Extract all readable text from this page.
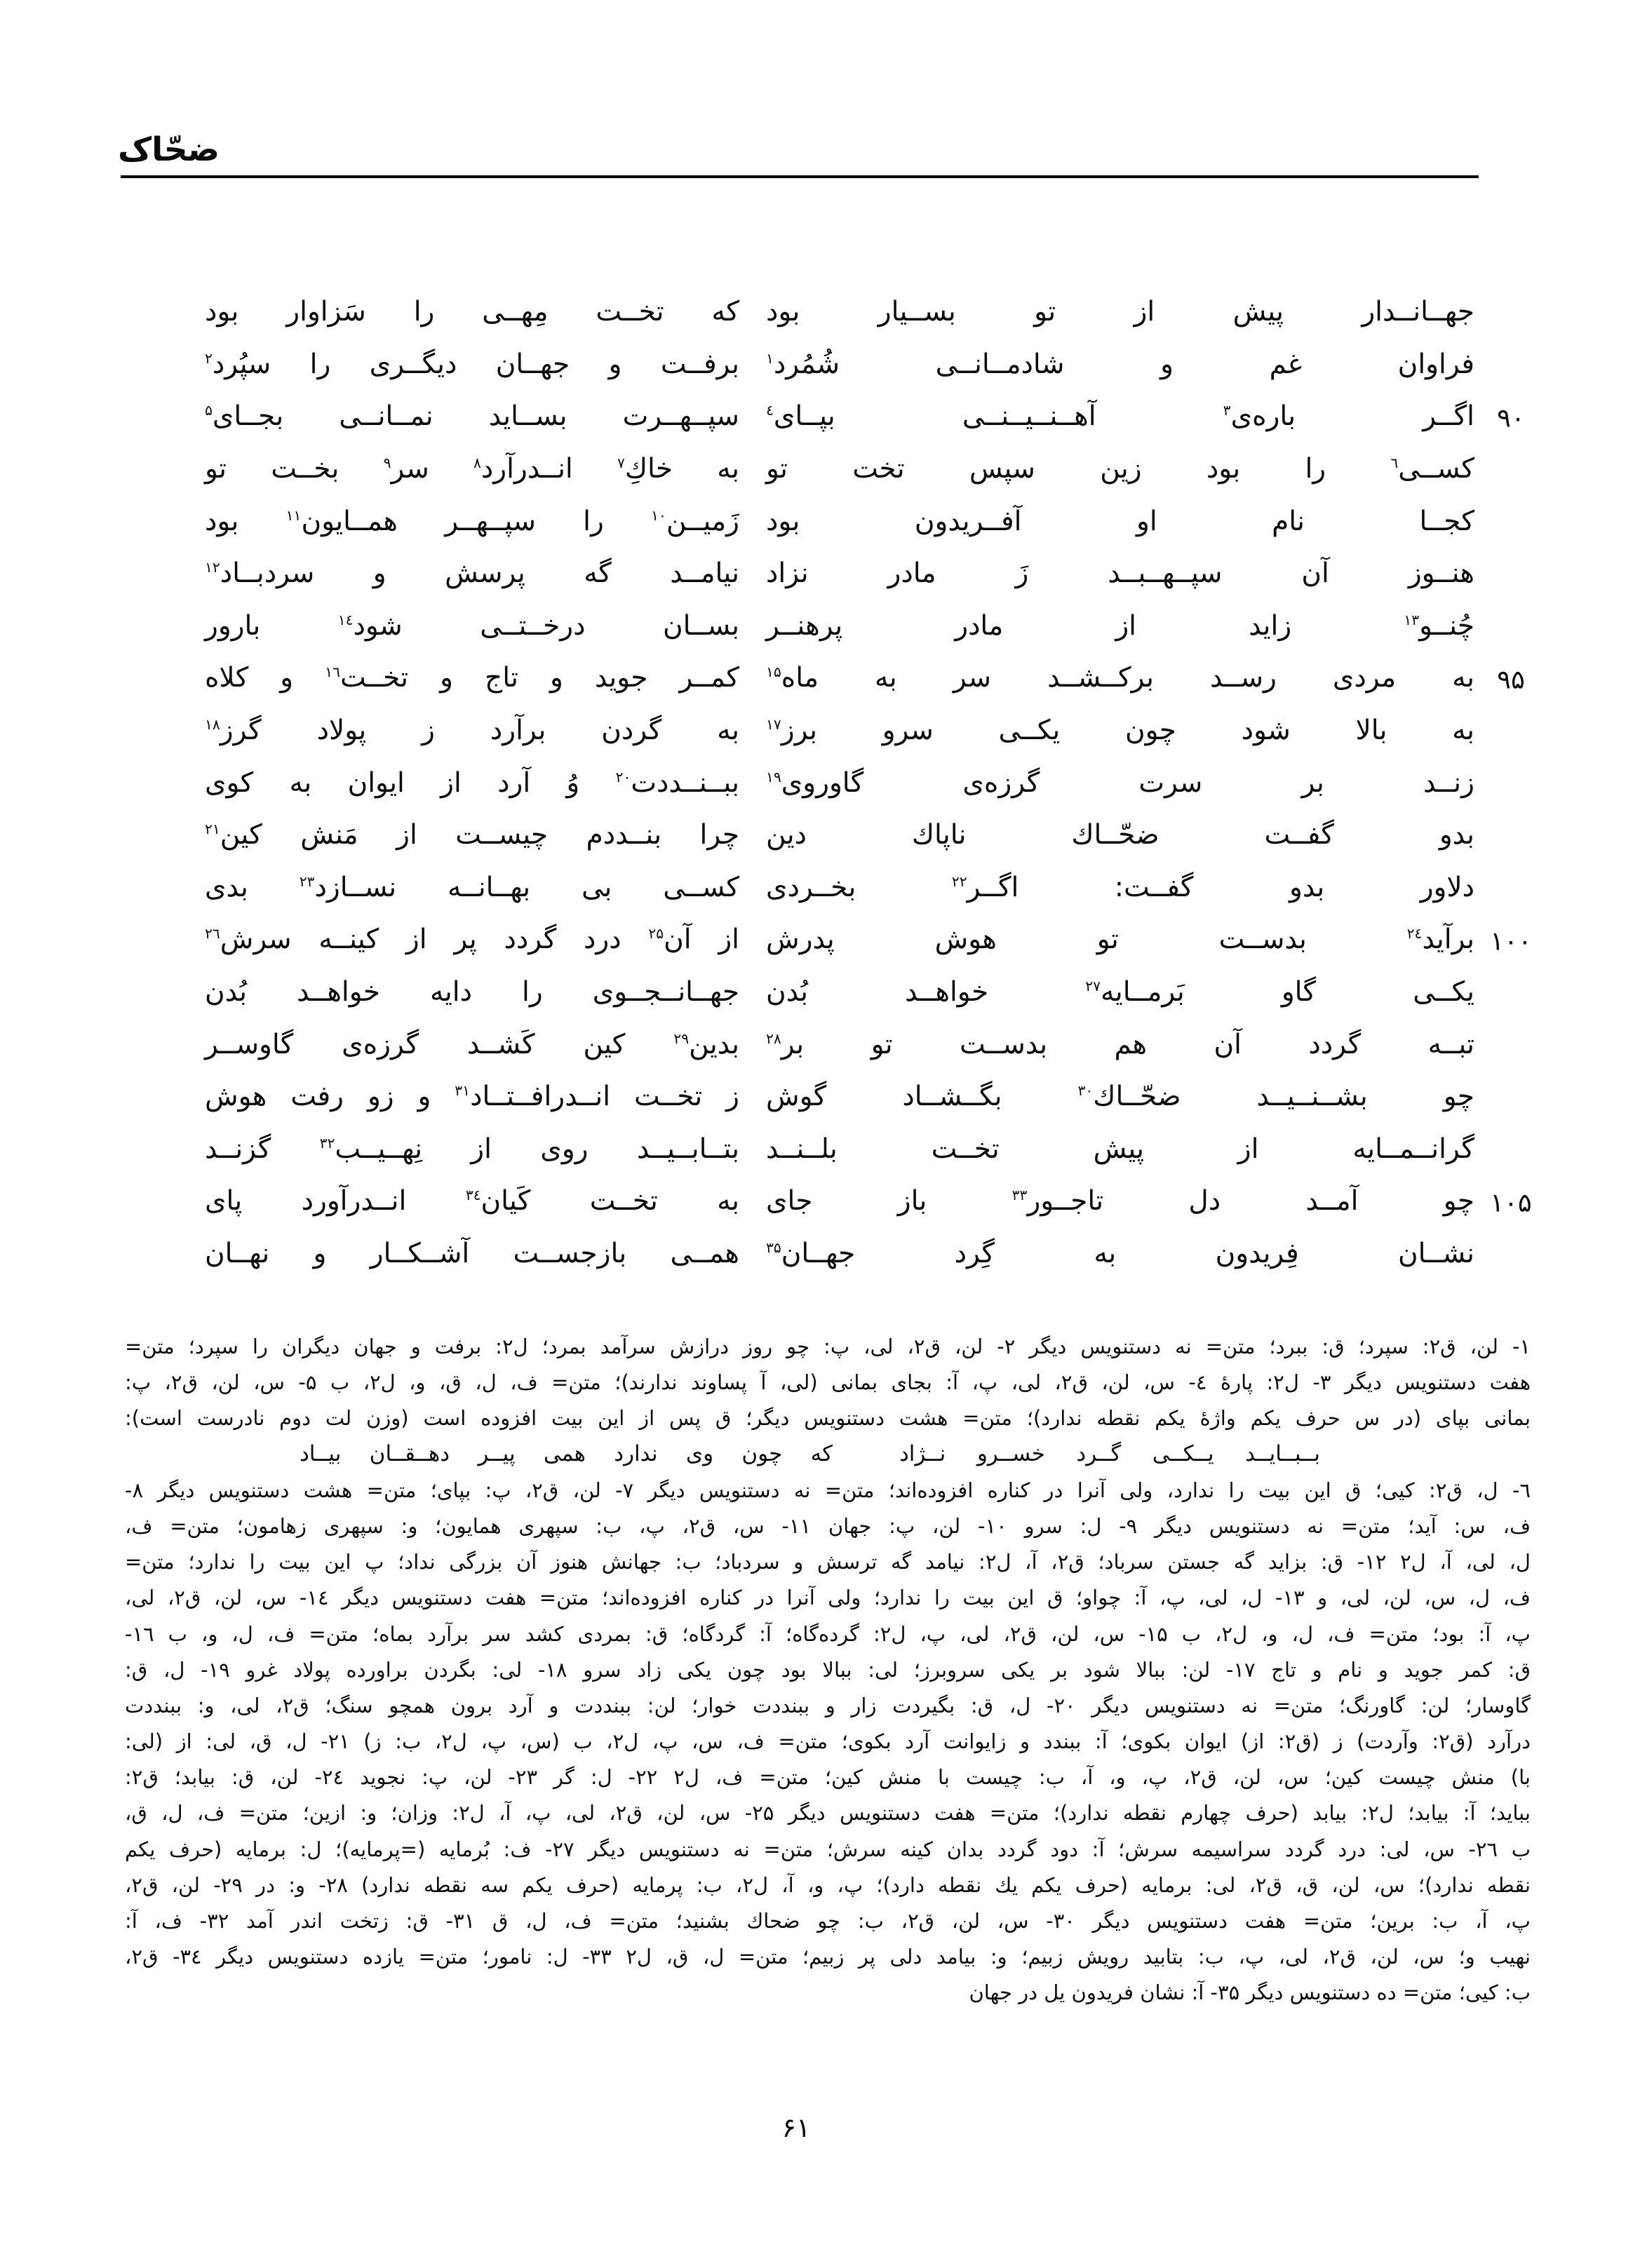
ضحّاک
جهــانــدار پیش از تو بســیار بود
که تخــت مِهــی را سَزاوار بود
فراوان غم و شادمــانــی شُمُرد$^۱$
برفــت و جهــان دیگــری را سپُرد$^۲$
۹۰
اگــر باره‌ی$^۳$ آهــنــیــنــی بپــای$^٤$
سپــهــرت بســاید نمــانــی بجــای$^۵$
کســی$^٦$ را بود زین سپس تخت تو
به خاكِ$^۷$ انــدرآرد$^۸$ سر$^۹$ بخــت تو
کجــا نام او آفــریدون بود
زَمیــن$^{۱۰}$ را سپــهــر همــایون$^{۱۱}$ بود
هنــوز آن سپــهــبــد زَ مادر نزاد
نیامــد گه پرسش و سردبــاد$^{۱۲}$
چُنــو$^{۱۳}$ زاید از مادر پرهنــر
بســان درخــتــی شود$^{۱٤}$ بارور
۹۵
به مردی رســد برکــشــد سر به ماه$^{۱۵}$
کمــر جوید و تاج و تخــت$^{۱٦}$ و کلاه
به بالا شود چون یکــی سرو برز$^{۱۷}$
به گردن برآرد ز پولاد گرز$^{۱۸}$
زنــد بر سرت گرزه‌ی گاوروی$^{۱۹}$
ببــنــددت$^{۲۰}$ وُ آرد از ایوان به کوی
بدو گفــت ضحّــاك ناپاك دین
چرا بنــددم چیســت از مَنش کین$^{۲۱}$
دلاور بدو گفــت: اگــر$^{۲۲}$ بخــردی
کســی بی بهــانــه نســازد$^{۲۳}$ بدی
۱۰۰
برآید$^{۲٤}$ بدســت تو هوش پدرش
از آن$^{۲۵}$ درد گردد پر از کینــه سرش$^{۲٦}$
یکــی گاو بَرمــایه$^{۲۷}$ خواهــد بُدن
جهــانــجــوی را دایه خواهــد بُدن
تبــه گردد آن هم بدســت تو بر$^{۲۸}$
بدین$^{۲۹}$ کین کَشــد گرزه‌ی گاوســر
چو بشــنــیــد ضحّــاك$^{۳۰}$ بگــشــاد گوش
ز تخــت انــدرافــتــاد$^{۳۱}$ و زو رفت هوش
گرانــمــایه از پیش تخــت بلــنــد
بتــابــیــد روی از نِهــیــب$^{۳۲}$ گزنــد
۱۰۵
چو آمــد دل تاجــور$^{۳۳}$ باز جای
به تخــت کَیان$^{۳٤}$ انــدرآورد پای
نشــان فِریدون به گِرد جهــان$^{۳۵}$
همــی بازجســت آشــکــار و نهــان
۱- لن، ق۲: سپرد؛ ق: ببرد؛ متن= نه دستنویس دیگر ۲- لن، ق۲، لی، پ: چو روز درازش سرآمد بمرد؛ ل۲: برفت و جهان دیگران را سپرد؛ متن=
هفت دستنویس دیگر ۳- ل۲: پارهٔ ٤- س، لن، ق۲، لی، پ، آ: بجای بمانی (لی، آ پساوند ندارند)؛ متن= ف، ل، ق، و، ل۲، ب ۵- س، لن، ق۲، پ:
بمانی بپای (در س حرف یکم واژهٔ یکم نقطه ندارد)؛ متن= هشت دستنویس دیگر؛ ق پس از این بیت افزوده است (وزن لت دوم نادرست است):
بــبــایــد یــکــی گــرد خســرو نــژاد
که چون وی ندارد همی پیــر دهــقــان بیــاد
٦- ل، ق۲: کیی؛ ق این بیت را ندارد، ولی آنرا در کناره افزوده‌اند؛ متن= نه دستنویس دیگر ۷- لن، ق۲، پ: بپای؛ متن= هشت دستنویس دیگر ۸-
ف، س: آید؛ متن= نه دستنویس دیگر ۹- ل: سرو ۱۰- لن، پ: جهان ۱۱- س، ق۲، پ، ب: سپهری همایون؛ و: سپهری زهامون؛ متن= ف،
ل، لی، آ، ل۲ ۱۲- ق: بزاید گه جستن سرباد؛ ق۲، آ، ل۲: نیامد گه ترسش و سردباد؛ ب: جهانش هنوز آن بزرگی نداد؛ پ این بیت را ندارد؛ متن=
ف، ل، س، لن، لی، و ۱۳- ل، لی، پ، آ: چواو؛ ق این بیت را ندارد؛ ولی آنرا در کناره افزوده‌اند؛ متن= هفت دستنویس دیگر ۱٤- س، لن، ق۲، لی،
پ، آ: بود؛ متن= ف، ل، و، ل۲، ب ۱۵- س، لن، ق۲، لی، پ، ل۲: گرده‌گاه؛ آ: گردگاه؛ ق: بمردی کشد سر برآرد بماه؛ متن= ف، ل، و، ب ۱٦-
ق: کمر جوید و نام و تاج ۱۷- لن: ببالا شود بر یکی سروبرز؛ لی: ببالا بود چون یکی زاد سرو ۱۸- لی: بگردن براورده پولاد غرو ۱۹- ل، ق:
گاوسار؛ لن: گاورنگ؛ متن= نه دستنویس دیگر ۲۰- ل، ق: بگیردت زار و ببنددت خوار؛ لن: ببنددت و آرد برون همچو سنگ؛ ق۲، لی، و: ببنددت
درآرد (ق۲: وآردت) ز (ق۲: از) ایوان بکوی؛ آ: ببندد و زایوانت آرد بکوی؛ متن= ف، س، پ، ل۲، ب (س، پ، ل۲، ب: ز) ۲۱- ل، ق، لی: از (لی:
با) منش چیست کین؛ س، لن، ق۲، پ، و، آ، ب: چیست با منش کین؛ متن= ف، ل۲ ۲۲- ل: گر ۲۳- لن، پ: نجوید ۲٤- لن، ق: بیابد؛ ق۲:
بباید؛ آ: بیابد؛ ل۲: بیابد (حرف چهارم نقطه ندارد)؛ متن= هفت دستنویس دیگر ۲۵- س، لن، ق۲، لی، پ، آ، ل۲: وزان؛ و: ازین؛ متن= ف، ل، ق،
ب ۲٦- س، لی: درد گردد سراسیمه سرش؛ آ: دود گردد بدان کینه سرش؛ متن= نه دستنویس دیگر ۲۷- ف: بُرمایه (=پرمایه)؛ ل: برمایه (حرف یکم
نقطه ندارد)؛ س، لن، ق، ق۲، لی: برمایه (حرف یکم یك نقطه دارد)؛ پ، و، آ، ل۲، ب: پرمایه (حرف یکم سه نقطه ندارد) ۲۸- و: در ۲۹- لن، ق۲،
پ، آ، ب: برین؛ متن= هفت دستنویس دیگر ۳۰- س، لن، ق۲، ب: چو ضحاك بشنید؛ متن= ف، ل، ق ۳۱- ق: زتخت اندر آمد ۳۲- ف، آ:
نهیب و؛ س، لن، ق۲، لی، پ، ب: بتابید رویش زبیم؛ و: بیامد دلی پر زبیم؛ متن= ل، ق، ل۲ ۳۳- ل: نامور؛ متن= یازده دستنویس دیگر ۳٤- ق۲،
ب: کیی؛ متن= ده دستنویس دیگر ۳۵- آ: نشان فریدون یل در جهان
۶۱
